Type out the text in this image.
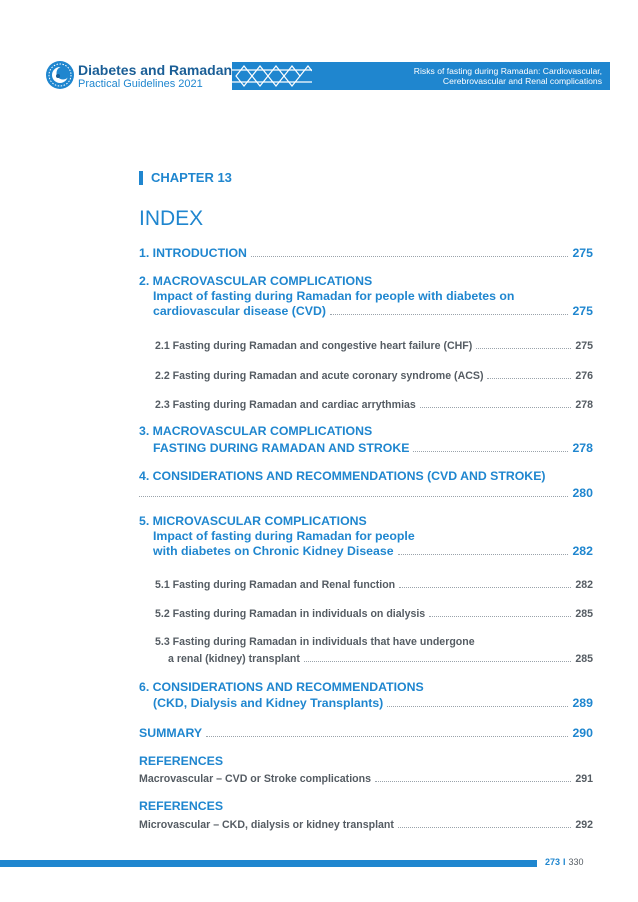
Diabetes and Ramadan
Practical Guidelines 2021
Risks of fasting during Ramadan: Cardiovascular,
Cerebrovascular and Renal complications
CHAPTER 13
INDEX
1. INTRODUCTION	275
2. MACROVASCULAR COMPLICATIONS
Impact of fasting during Ramadan for people with diabetes on
cardiovascular disease (CVD)	275
2.1 Fasting during Ramadan and congestive heart failure (CHF)	275
2.2 Fasting during Ramadan and acute coronary syndrome (ACS)	276
2.3 Fasting during Ramadan and cardiac arrythmias	278
3. MACROVASCULAR COMPLICATIONS
FASTING DURING RAMADAN AND STROKE	278
4. CONSIDERATIONS AND RECOMMENDATIONS (CVD AND STROKE)
280
5. MICROVASCULAR COMPLICATIONS
Impact of fasting during Ramadan for people
with diabetes on Chronic Kidney Disease	282
5.1 Fasting during Ramadan and Renal function	282
5.2 Fasting during Ramadan in individuals on dialysis	285
5.3 Fasting during Ramadan in individuals that have undergone
a renal (kidney) transplant	285
6. CONSIDERATIONS AND RECOMMENDATIONS
(CKD, Dialysis and Kidney Transplants)	289
SUMMARY	290
REFERENCES
Macrovascular – CVD or Stroke complications	291
REFERENCES
Microvascular – CKD, dialysis or kidney transplant	292
273 I 330
